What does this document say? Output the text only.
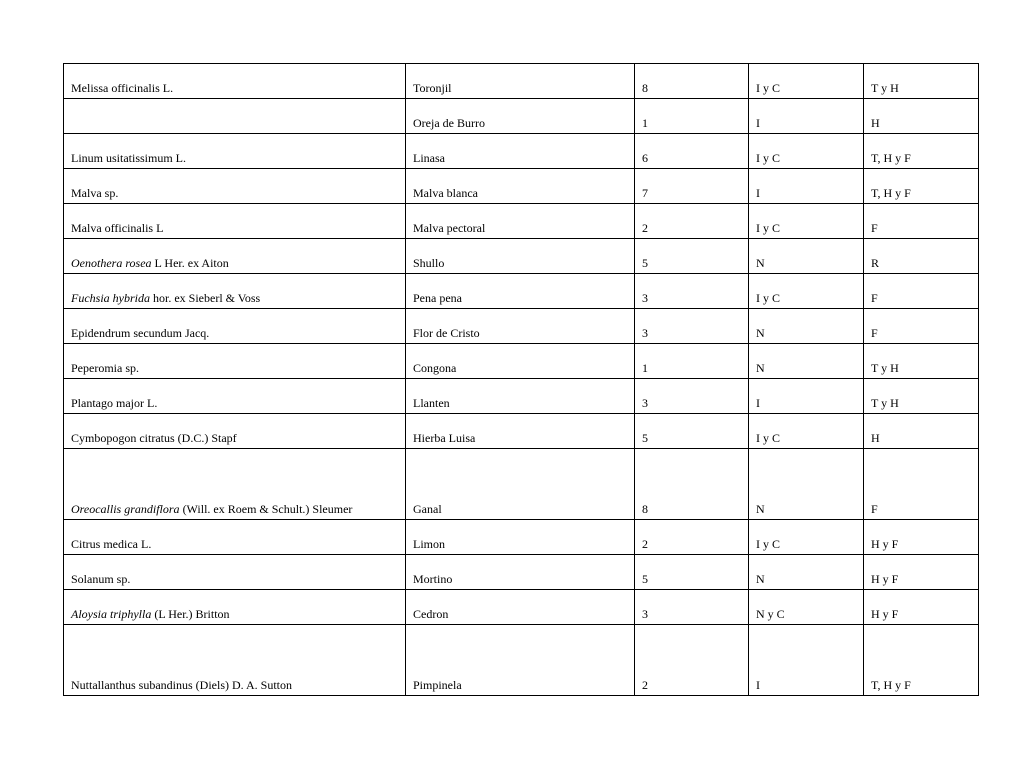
Melissa officinalis L.	Toronjil	8	I y C	T y H
	Oreja de Burro	1	I	H
Linum usitatissimum L.	Linasa	6	I y C	T, H y F
Malva sp.	Malva blanca	7	I	T, H y F
Malva officinalis L	Malva pectoral	2	I y C	F
Oenothera rosea L Her. ex Aiton	Shullo	5	N	R
Fuchsia hybrida hor. ex Sieberl & Voss	Pena pena	3	I y C	F
Epidendrum secundum Jacq.	Flor de Cristo	3	N	F
Peperomia sp.	Congona	1	N	T y H
Plantago major L.	Llanten	3	I	T y H
Cymbopogon citratus (D.C.) Stapf	Hierba Luisa	5	I y C	H
Oreocallis grandiflora (Will. ex Roem & Schult.) Sleumer	Ganal	8	N	F
Citrus medica L.	Limon	2	I y C	H y F
Solanum sp.	Mortino	5	N	H y F
Aloysia triphylla (L Her.) Britton	Cedron	3	N y C	H y F
Nuttallanthus subandinus (Diels) D. A. Sutton	Pimpinela	2	I	T, H y F
